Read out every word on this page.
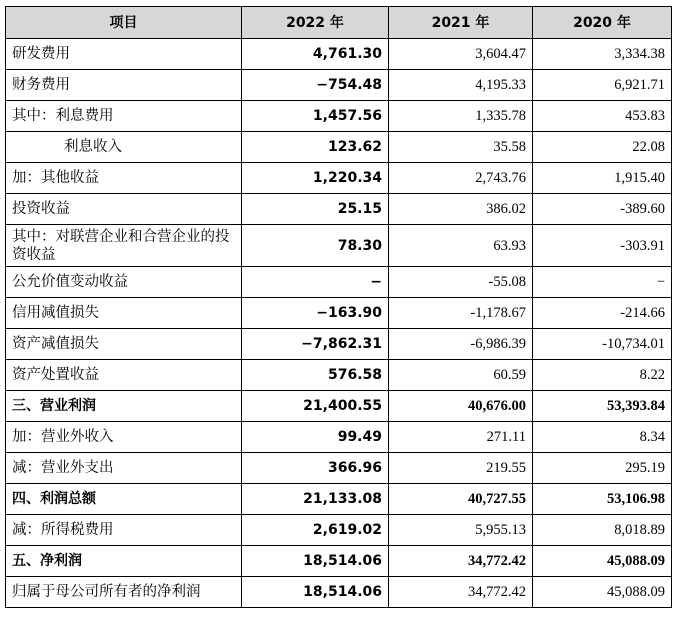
项目	2022 年	2021 年	2020 年
研发费用	4,761.30	3,604.47	3,334.38
财务费用	−754.48	4,195.33	6,921.71
其中：利息费用	1,457.56	1,335.78	453.83
利息收入	123.62	35.58	22.08
加：其他收益	1,220.34	2,743.76	1,915.40
投资收益	25.15	386.02	-389.60
其中：对联营企业和合营企业的投资收益	78.30	63.93	-303.91
公允价值变动收益	−	-55.08	−
信用减值损失	−163.90	-1,178.67	-214.66
资产减值损失	−7,862.31	-6,986.39	-10,734.01
资产处置收益	576.58	60.59	8.22
三、营业利润	21,400.55	40,676.00	53,393.84
加：营业外收入	99.49	271.11	8.34
减：营业外支出	366.96	219.55	295.19
四、利润总额	21,133.08	40,727.55	53,106.98
减：所得税费用	2,619.02	5,955.13	8,018.89
五、净利润	18,514.06	34,772.42	45,088.09
归属于母公司所有者的净利润	18,514.06	34,772.42	45,088.09
